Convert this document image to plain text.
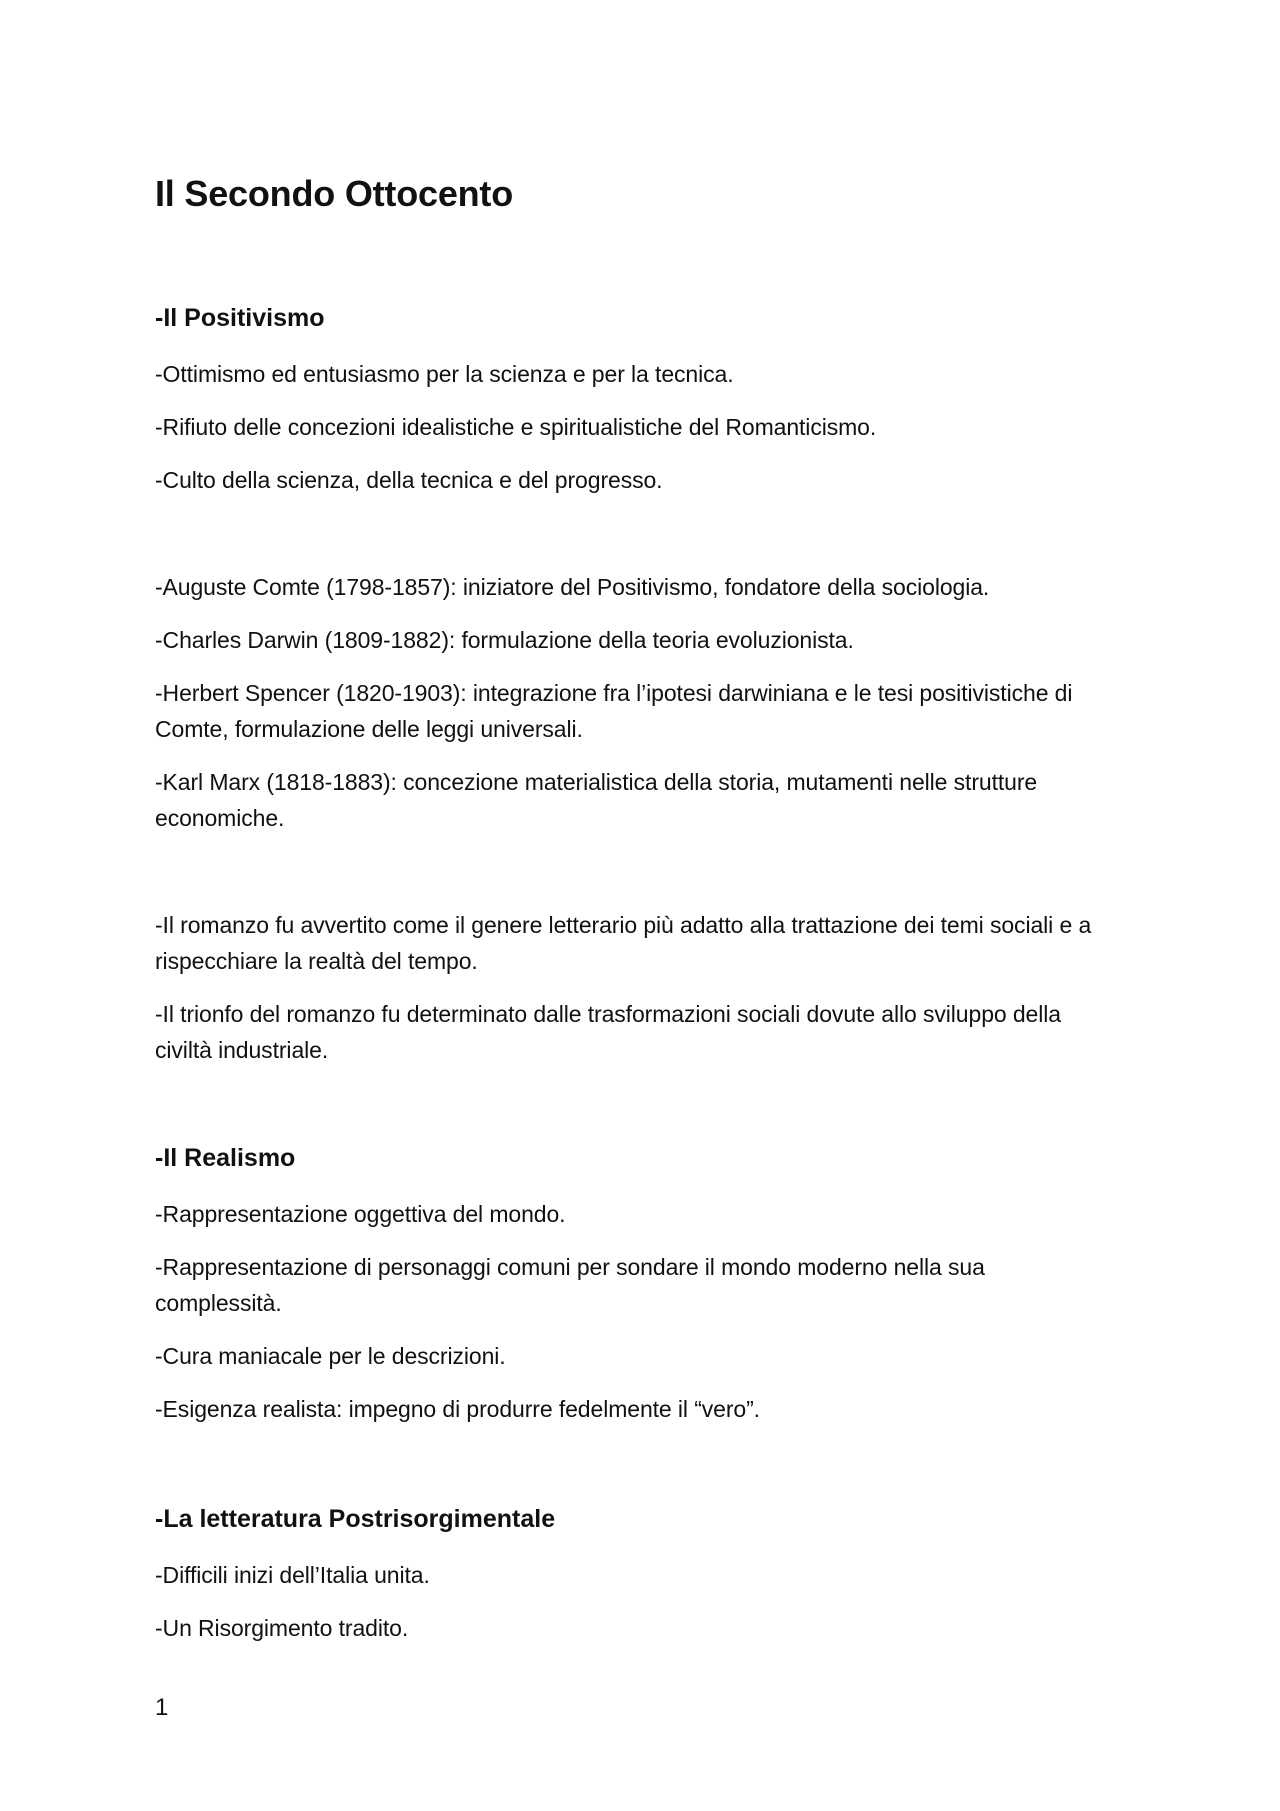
Il Secondo Ottocento
-Il Positivismo

-Ottimismo ed entusiasmo per la scienza e per la tecnica.

-Rifiuto delle concezioni idealistiche e spiritualistiche del Romanticismo.

-Culto della scienza, della tecnica e del progresso.

-Auguste Comte (1798-1857): iniziatore del Positivismo, fondatore della sociologia.

-Charles Darwin (1809-1882): formulazione della teoria evoluzionista.

-Herbert Spencer (1820-1903): integrazione fra l’ipotesi darwiniana e le tesi positivistiche di Comte, formulazione delle leggi universali.

-Karl Marx (1818-1883): concezione materialistica della storia, mutamenti nelle strutture economiche.

-Il romanzo fu avvertito come il genere letterario più adatto alla trattazione dei temi sociali e a rispecchiare la realtà del tempo.

-Il trionfo del romanzo fu determinato dalle trasformazioni sociali dovute allo sviluppo della civiltà industriale.

-Il Realismo

-Rappresentazione oggettiva del mondo.

-Rappresentazione di personaggi comuni per sondare il mondo moderno nella sua complessità.

-Cura maniacale per le descrizioni.

-Esigenza realista: impegno di produrre fedelmente il “vero”.

-La letteratura Postrisorgimentale

-Difficili inizi dell’Italia unita.

-Un Risorgimento tradito.

1
